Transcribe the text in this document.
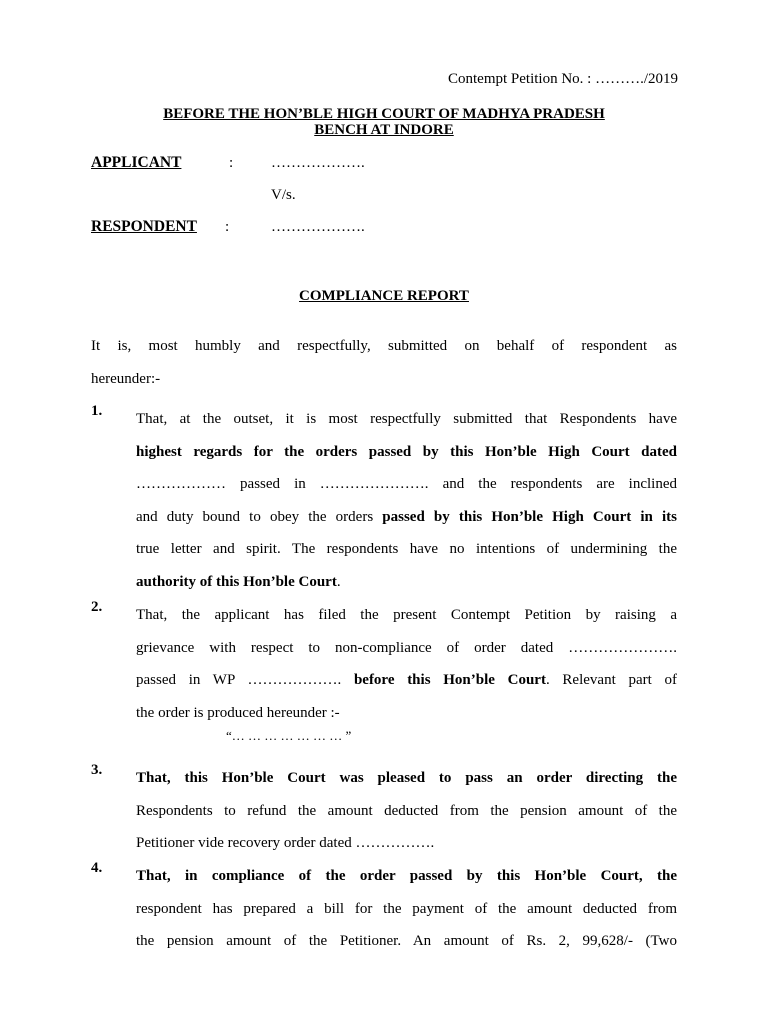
Contempt Petition No. : ………./2019
BEFORE THE HON’BLE HIGH COURT OF MADHYA PRADESH
BENCH AT INDORE
APPLICANT	:	……………….
V/s.
RESPONDENT :	……………….
COMPLIANCE REPORT
It is, most humbly and respectfully, submitted on behalf of respondent as
hereunder:-
1. That, at the outset, it is most respectfully submitted that Respondents have
highest regards for the orders passed by this Hon’ble High Court dated
……………… passed in …………………. and the respondents are inclined
and duty bound to obey the orders passed by this Hon’ble High Court in its
true letter and spirit. The respondents have no intentions of undermining the
authority of this Hon’ble Court.
2. That, the applicant has filed the present Contempt Petition by raising a
grievance with respect to non-compliance of order dated ………………….
passed in WP ………………. before this Hon’ble Court. Relevant part of
the order is produced hereunder :-
“… … … … … … … ”
3. That, this Hon’ble Court was pleased to pass an order directing the
Respondents to refund the amount deducted from the pension amount of the
Petitioner vide recovery order dated …………….
4. That, in compliance of the order passed by this Hon’ble Court, the
respondent has prepared a bill for the payment of the amount deducted from
the pension amount of the Petitioner. An amount of Rs. 2, 99,628/- (Two
